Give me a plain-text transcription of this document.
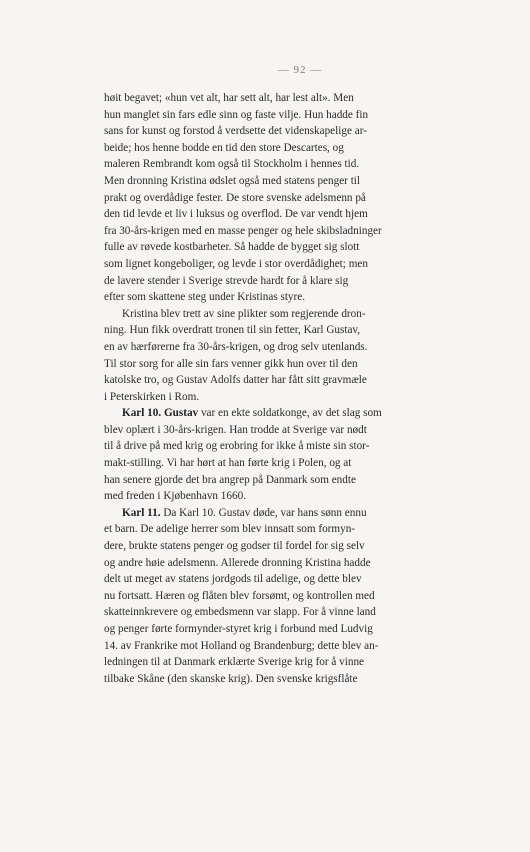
— 92 —
høit begavet; «hun vet alt, har sett alt, har lest alt». Men
hun manglet sin fars edle sinn og faste vilje. Hun hadde fin
sans for kunst og forstod å verdsette det videnskapelige ar-
beide; hos henne bodde en tid den store Descartes, og
maleren Rembrandt kom også til Stockholm i hennes tid.
Men dronning Kristina ødslet også med statens penger til
prakt og overdådige fester. De store svenske adelsmenn på
den tid levde et liv i luksus og overflod. De var vendt hjem
fra 30-års-krigen med en masse penger og hele skibsladninger
fulle av røvede kostbarheter. Så hadde de bygget sig slott
som lignet kongeboliger, og levde i stor overdådighet; men
de lavere stender i Sverige strevde hardt for å klare sig
efter som skattene steg under Kristinas styre.
Kristina blev trett av sine plikter som regjerende dron-
ning. Hun fikk overdratt tronen til sin fetter, Karl Gustav,
en av hærførerne fra 30-års-krigen, og drog selv utenlands.
Til stor sorg for alle sin fars venner gikk hun over til den
katolske tro, og Gustav Adolfs datter har fått sitt gravmæle
i Peterskirken i Rom.
Karl 10. Gustav var en ekte soldatkonge, av det slag som
blev oplært i 30-års-krigen. Han trodde at Sverige var nødt
til å drive på med krig og erobring for ikke å miste sin stor-
makt-stilling. Vi har hørt at han førte krig i Polen, og at
han senere gjorde det bra angrep på Danmark som endte
med freden i Kjøbenhavn 1660.
Karl 11. Da Karl 10. Gustav døde, var hans sønn ennu
et barn. De adelige herrer som blev innsatt som formyn-
dere, brukte statens penger og godser til fordel for sig selv
og andre høie adelsmenn. Allerede dronning Kristina hadde
delt ut meget av statens jordgods til adelige, og dette blev
nu fortsatt. Hæren og flåten blev forsømt, og kontrollen med
skatteinnkrevere og embedsmenn var slapp. For å vinne land
og penger førte formynder-styret krig i forbund med Ludvig
14. av Frankrike mot Holland og Brandenburg; dette blev an-
ledningen til at Danmark erklærte Sverige krig for å vinne
tilbake Skåne (den skanske krig). Den svenske krigsflåte
